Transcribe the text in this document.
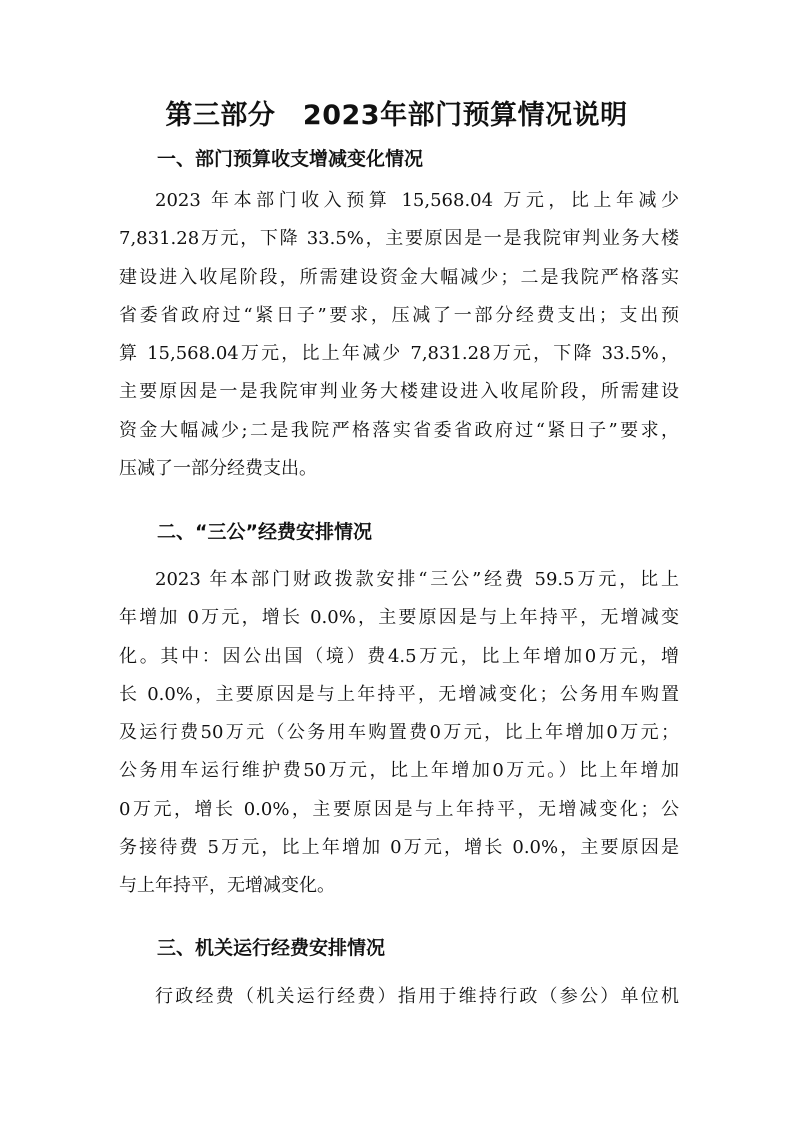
第三部分　2023年部门预算情况说明
一、部门预算收支增减变化情况
2023 年本部门收入预算 15,568.04 万元，比上年减少
7,831.28万元，下降 33.5%，主要原因是一是我院审判业务大楼
建设进入收尾阶段，所需建设资金大幅减少；二是我院严格落实
省委省政府过“紧日子”要求，压减了一部分经费支出；支出预
算 15,568.04万元，比上年减少 7,831.28万元，下降 33.5%，
主要原因是一是我院审判业务大楼建设进入收尾阶段，所需建设
资金大幅减少;二是我院严格落实省委省政府过“紧日子”要求，
压减了一部分经费支出。
二、“三公”经费安排情况
2023 年本部门财政拨款安排“三公”经费 59.5万元，比上
年增加 0万元，增长 0.0%，主要原因是与上年持平，无增减变
化。其中：因公出国（境）费4.5万元，比上年增加0万元，增
长 0.0%，主要原因是与上年持平，无增减变化；公务用车购置
及运行费50万元（公务用车购置费0万元，比上年增加0万元；
公务用车运行维护费50万元，比上年增加0万元。）比上年增加
0万元，增长 0.0%，主要原因是与上年持平，无增减变化；公
务接待费 5万元，比上年增加 0万元，增长 0.0%，主要原因是
与上年持平，无增减变化。
三、机关运行经费安排情况
行政经费（机关运行经费）指用于维持行政（参公）单位机
